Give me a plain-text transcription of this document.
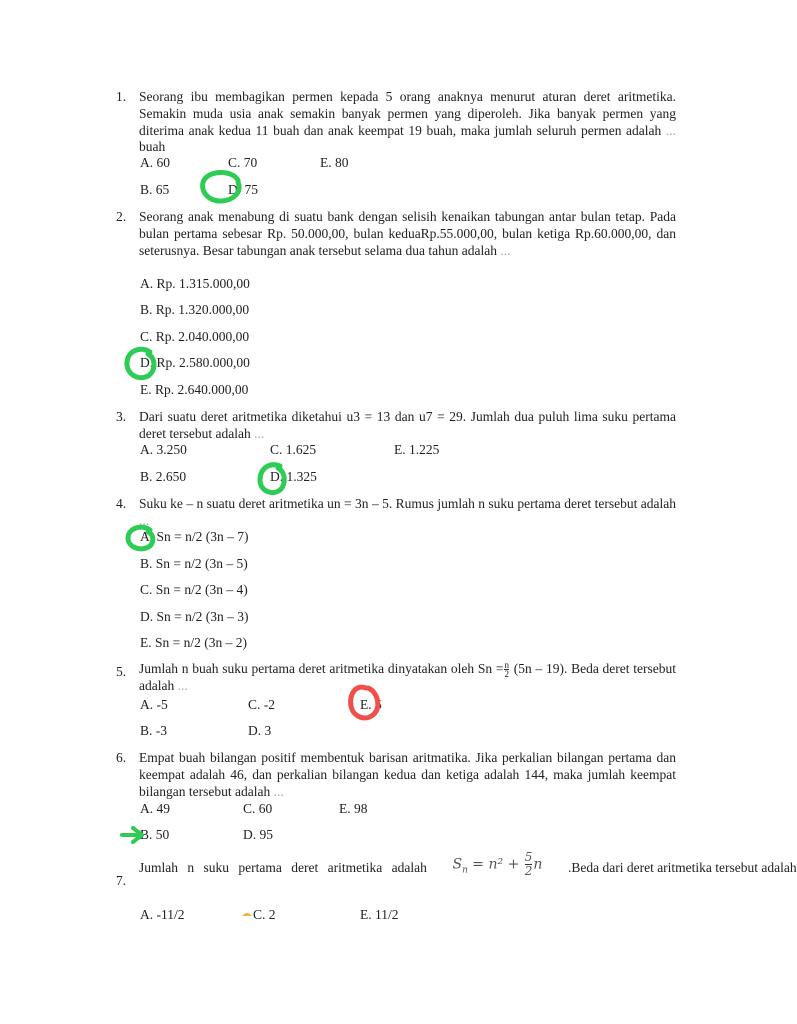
1. Seorang ibu membagikan permen kepada 5 orang anaknya menurut aturan deret aritmetika. Semakin muda usia anak semakin banyak permen yang diperoleh. Jika banyak permen yang diterima anak kedua 11 buah dan anak keempat 19 buah, maka jumlah seluruh permen adalah ... buah
A. 60	C. 70	E. 80
B. 65	D. 75
2. Seorang anak menabung di suatu bank dengan selisih kenaikan tabungan antar bulan tetap. Pada bulan pertama sebesar Rp. 50.000,00, bulan keduaRp.55.000,00, bulan ketiga Rp.60.000,00, dan seterusnya. Besar tabungan anak tersebut selama dua tahun adalah ...
A. Rp. 1.315.000,00
B. Rp. 1.320.000,00
C. Rp. 2.040.000,00
D. Rp. 2.580.000,00
E. Rp. 2.640.000,00
3. Dari suatu deret aritmetika diketahui u3 = 13 dan u7 = 29. Jumlah dua puluh lima suku pertama deret tersebut adalah ...
A. 3.250	C. 1.625	E. 1.225
B. 2.650	D. 1.325
4. Suku ke – n suatu deret aritmetika un = 3n – 5. Rumus jumlah n suku pertama deret tersebut adalah ...
A. Sn = n/2 (3n – 7)
B. Sn = n/2 (3n – 5)
C. Sn = n/2 (3n – 4)
D. Sn = n/2 (3n – 3)
E. Sn = n/2 (3n – 2)
5. Jumlah n buah suku pertama deret aritmetika dinyatakan oleh $Sn = \frac{n}{2} (5n - 19)$. Beda deret tersebut adalah ...
A. -5	C. -2	E. 5
B. -3	D. 3
6. Empat buah bilangan positif membentuk barisan aritmatika. Jika perkalian bilangan pertama dan keempat adalah 46, dan perkalian bilangan kedua dan ketiga adalah 144, maka jumlah keempat bilangan tersebut adalah ...
A. 49	C. 60	E. 98
B. 50	D. 95
7.
Jumlah n suku pertama deret aritmetika adalah $S_n = n^2 + \frac{5}{2}$ n .Beda dari deret aritmetika tersebut adalah
A. -11/2	C. 2	E. 11/2
